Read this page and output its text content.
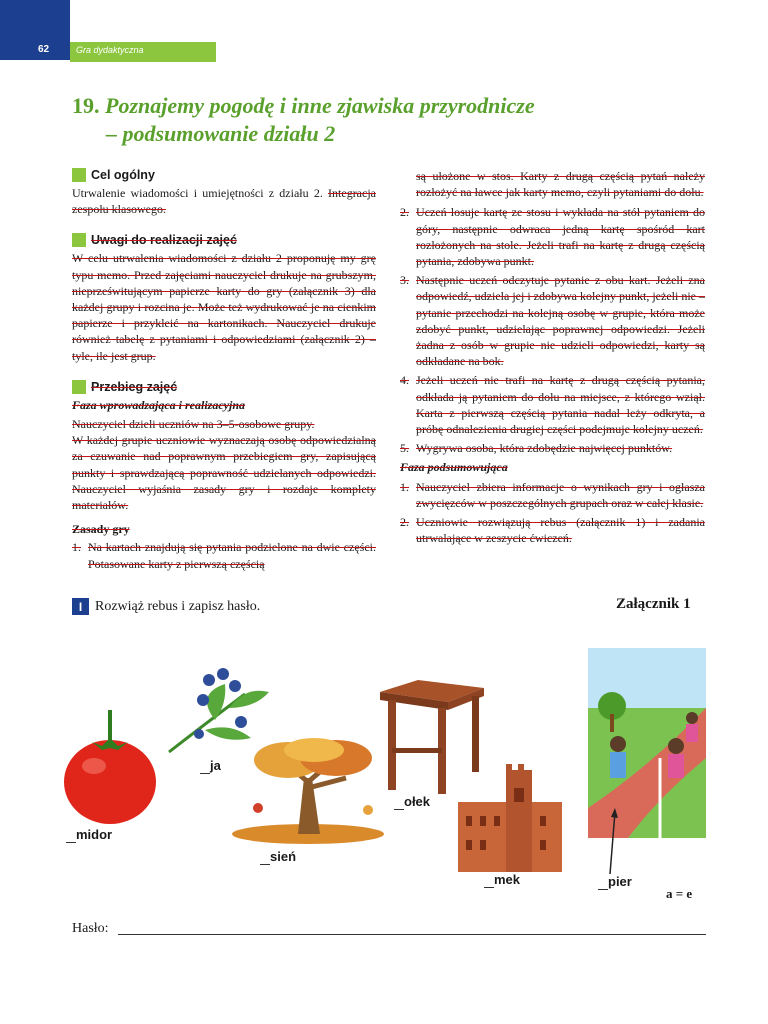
62	Gra dydaktyczna
19. Poznajemy pogodę i inne zjawiska przyrodnicze
– podsumowanie działu 2
Cel ogólny

Utrwalenie wiadomości i umiejętności z działu 2. Integracja zespołu klasowego.

Uwagi do realizacji zajęć

W celu utrwalenia wiadomości z działu 2 proponuję my grę typu memo. Przed zajęciami nauczyciel drukuje na grubszym, nieprześwitującym papierze karty do gry (załącznik 3) dla każdej grupy i rozcina je. Może też wydrukować je na cienkim papierze i przykleić na kartonikach. Nauczyciel drukuje również tabelę z pytaniami i odpowiedziami (załącznik 2) – tyle, ile jest grup.

Przebieg zajęć
Faza wprowadzająca i realizacyjna

Nauczyciel dzieli uczniów na 3–5-osobowe grupy.

W każdej grupie uczniowie wyznaczają osobę odpowiedzialną za czuwanie nad poprawnym przebiegiem gry, zapisującą punkty i sprawdzającą poprawność udzielanych odpowiedzi. Nauczyciel wyjaśnia zasady gry i rozdaje komplety materiałów.

Zasady gry
1. Na kartach znajdują się pytania podzielone na dwie części. Potasowane karty z pierwszą częścią

są ułożone w stos. Karty z drugą częścią pytań należy rozłożyć na ławce jak karty memo, czyli pytaniami do dołu.

2. Uczeń losuje kartę ze stosu i wykłada na stół pytaniem do góry, następnie odwraca jedną kartę spośród kart rozłożonych na stole. Jeżeli trafi na kartę z drugą częścią pytania, zdobywa punkt.
3. Następnie uczeń odczytuje pytanie z obu kart. Jeżeli zna odpowiedź, udziela jej i zdobywa kolejny punkt, jeżeli nie – pytanie przechodzi na kolejną osobę w grupie, która może zdobyć punkt, udzielając poprawnej odpowiedzi. Jeżeli żadna z osób w grupie nie udzieli odpowiedzi, karty są odkładane na bok.
4. Jeżeli uczeń nie trafi na kartę z drugą częścią pytania, odkłada ją pytaniem do dołu na miejsce, z którego wziął. Karta z pierwszą częścią pytania nadal leży odkryta, a próbę odnalezienia drugiej części podejmuje kolejny uczeń.
5. Wygrywa osoba, która zdobędzie najwięcej punktów.
Faza podsumowująca
1. Nauczyciel zbiera informacje o wynikach gry i ogłasza zwycięzców w poszczególnych grupach oraz w całej klasie.
2. Uczniowie rozwiązują rebus (załącznik 1) i zadania utrwalające w zeszycie ćwiczeń.
I Rozwiąż rebus i zapisz hasło.	Załącznik 1
midor
ja
sień
ołek
mek	pier
a = e
Hasło:
